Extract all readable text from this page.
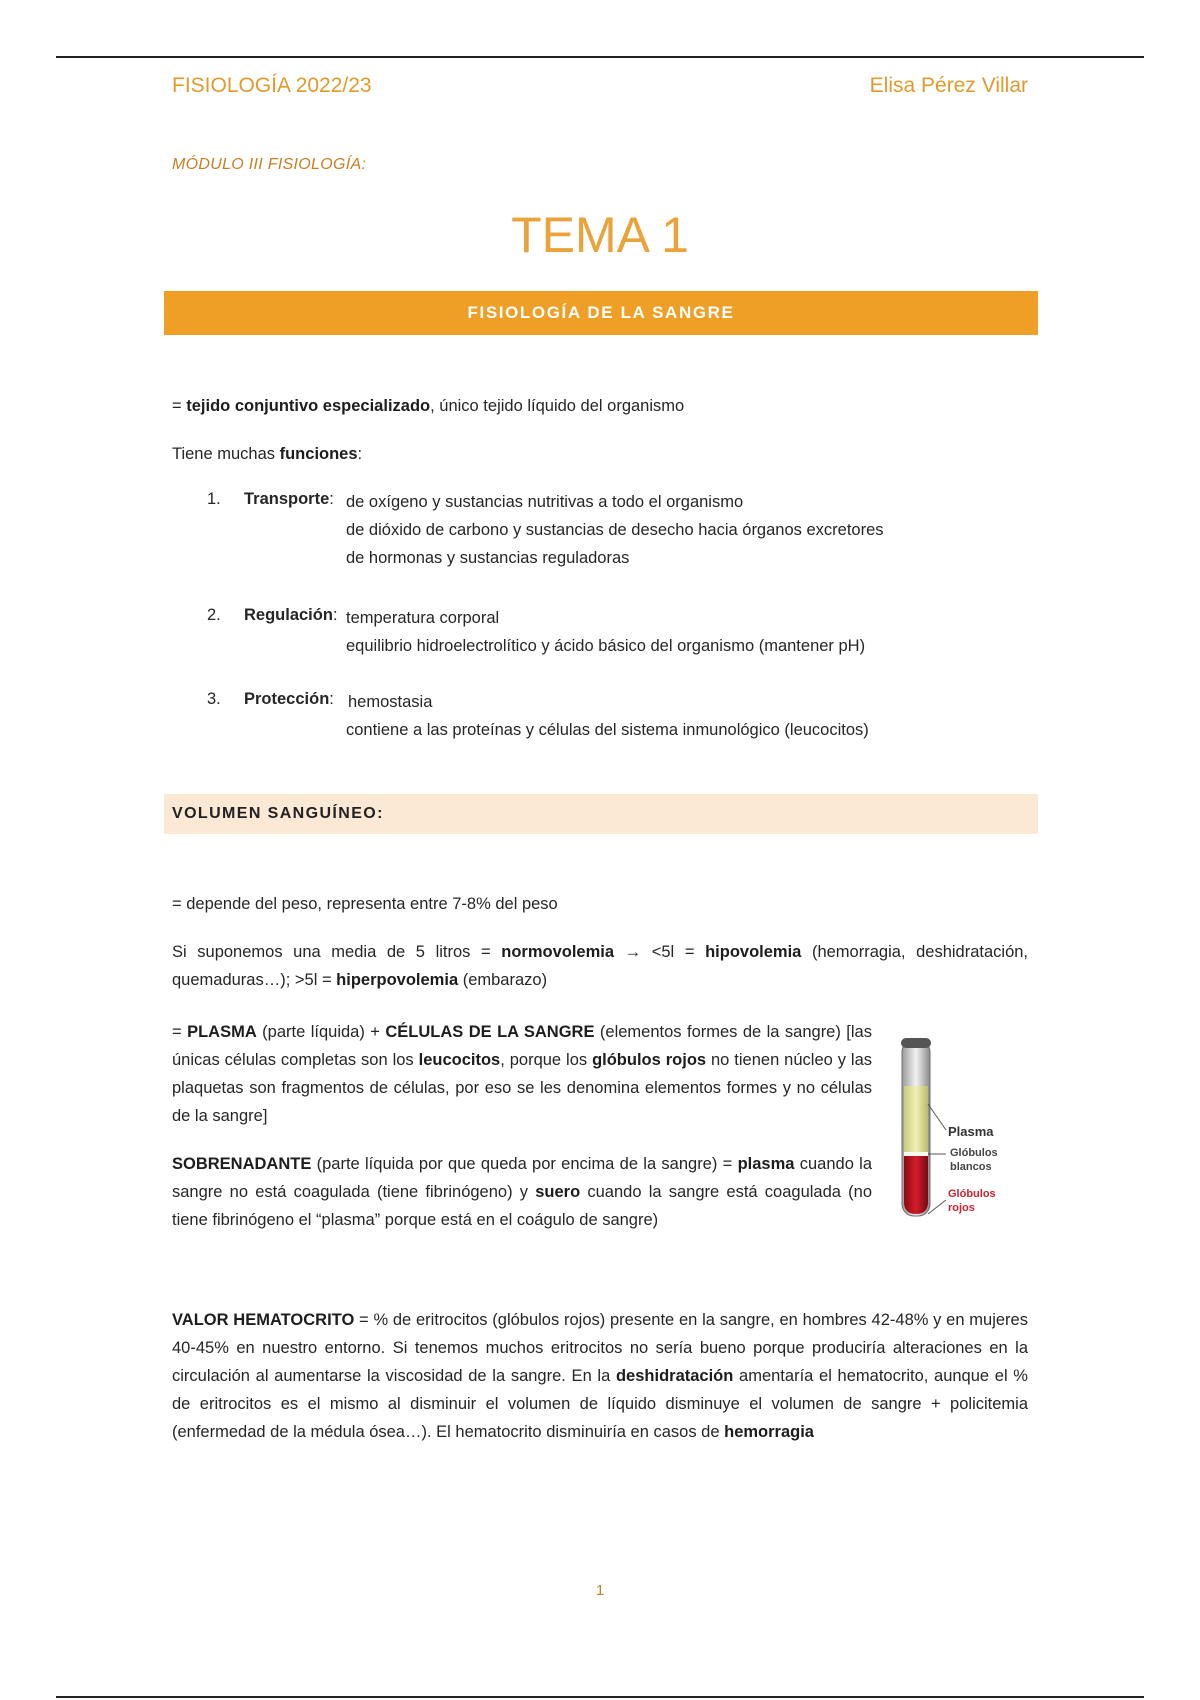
FISIOLOGÍA 2022/23	Elisa Pérez Villar
MÓDULO III FISIOLOGÍA:
TEMA 1
FISIOLOGÍA DE LA SANGRE
= tejido conjuntivo especializado, único tejido líquido del organismo
Tiene muchas funciones:
1. Transporte: de oxígeno y sustancias nutritivas a todo el organismo
de dióxido de carbono y sustancias de desecho hacia órganos excretores
de hormonas y sustancias reguladoras
2. Regulación: temperatura corporal
equilibrio hidroelectrolítico y ácido básico del organismo (mantener pH)
3. Protección: hemostasia
contiene a las proteínas y células del sistema inmunológico (leucocitos)
VOLUMEN SANGUÍNEO:
= depende del peso, representa entre 7-8% del peso
Si suponemos una media de 5 litros = normovolemia → <5l = hipovolemia (hemorragia, deshidratación, quemaduras…); >5l = hiperpovolemia (embarazo)
= PLASMA (parte líquida) + CÉLULAS DE LA SANGRE (elementos formes de la sangre) [las únicas células completas son los leucocitos, porque los glóbulos rojos no tienen núcleo y las plaquetas son fragmentos de células, por eso se les denomina elementos formes y no células de la sangre]
SOBRENADANTE (parte líquida por que queda por encima de la sangre) = plasma cuando la sangre no está coagulada (tiene fibrinógeno) y suero cuando la sangre está coagulada (no tiene fibrinógeno el “plasma” porque está en el coágulo de sangre)
Plasma
Glóbulos
blancos
Glóbulos
rojos
VALOR HEMATOCRITO = % de eritrocitos (glóbulos rojos) presente en la sangre, en hombres 42-48% y en mujeres 40-45% en nuestro entorno. Si tenemos muchos eritrocitos no sería bueno porque produciría alteraciones en la circulación al aumentarse la viscosidad de la sangre. En la deshidratación amentaría el hematocrito, aunque el % de eritrocitos es el mismo al disminuir el volumen de líquido disminuye el volumen de sangre + policitemia (enfermedad de la médula ósea…). El hematocrito disminuiría en casos de hemorragia
1
